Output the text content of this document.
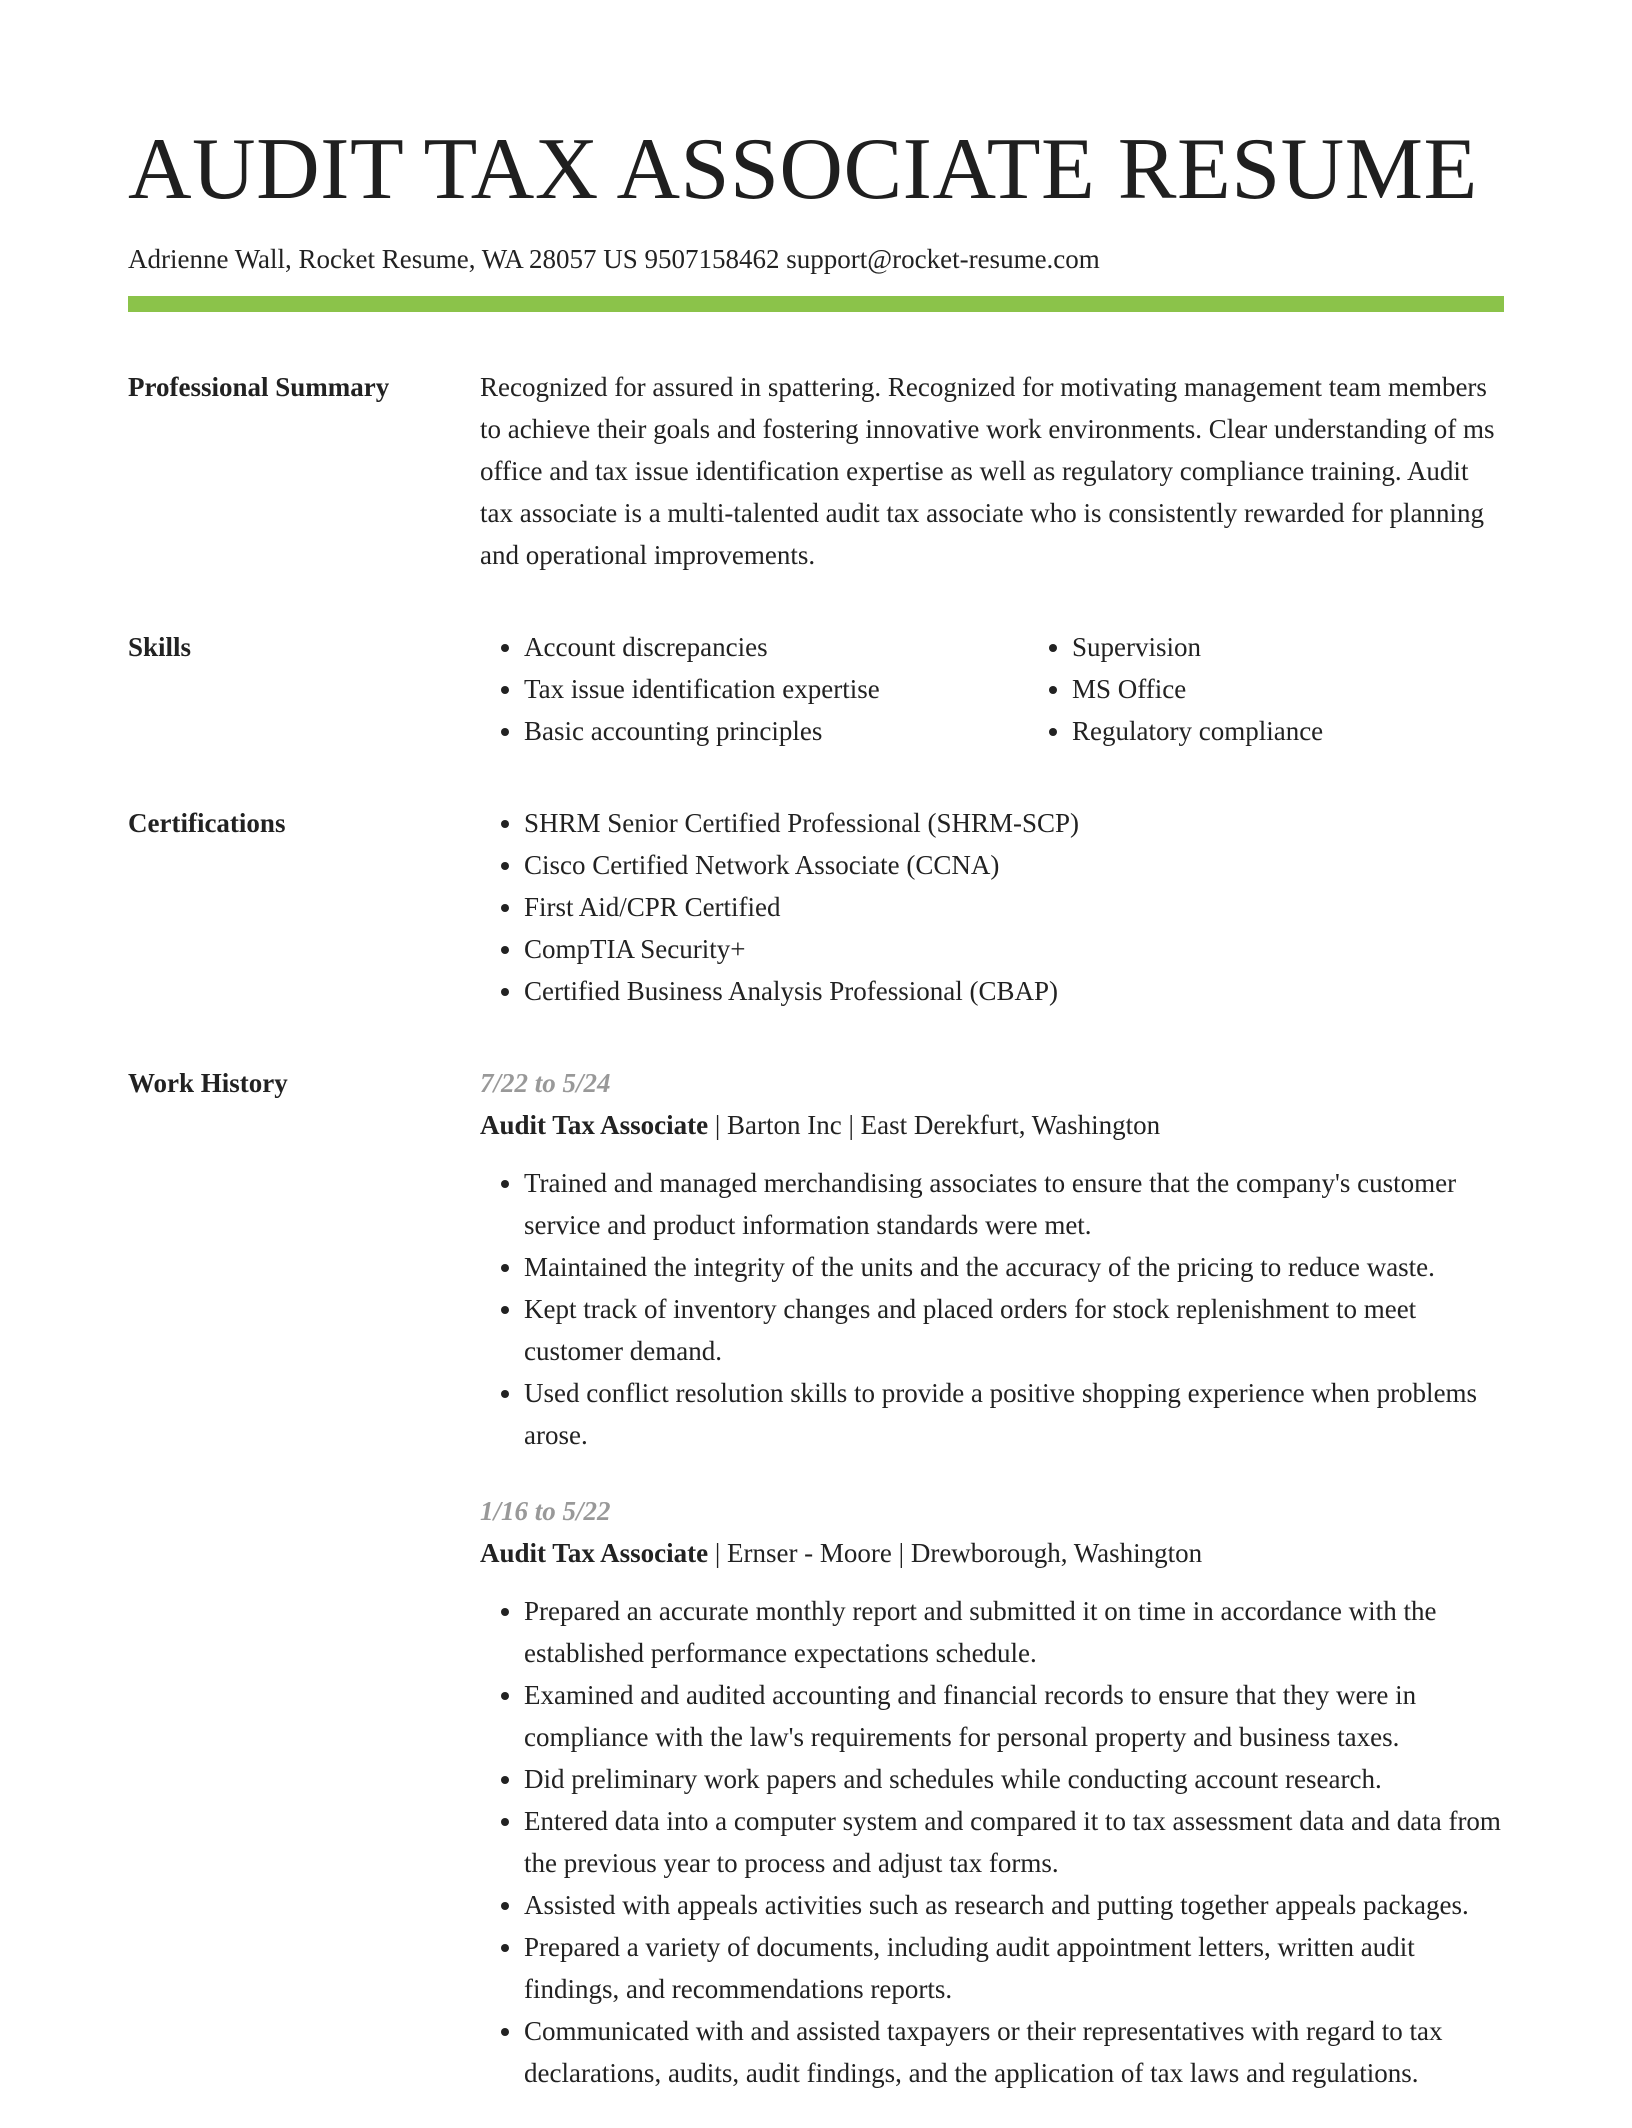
AUDIT TAX ASSOCIATE RESUME
Adrienne Wall, Rocket Resume, WA 28057 US 9507158462 support@rocket-resume.com
Professional Summary	Recognized for assured in spattering. Recognized for motivating management team members to achieve their goals and fostering innovative work environments. Clear understanding of ms office and tax issue identification expertise as well as regulatory compliance training. Audit tax associate is a multi-talented audit tax associate who is consistently rewarded for planning and operational improvements.

Skills	• Account discrepancies
• Tax issue identification expertise
• Basic accounting principles
• Supervision
• MS Office
• Regulatory compliance
Certifications	• SHRM Senior Certified Professional (SHRM-SCP)
• Cisco Certified Network Associate (CCNA)
• First Aid/CPR Certified
• CompTIA Security+
• Certified Business Analysis Professional (CBAP)
Work History	7/22 to 5/24
Audit Tax Associate | Barton Inc | East Derekfurt, Washington
• Trained and managed merchandising associates to ensure that the company's customer service and product information standards were met.
• Maintained the integrity of the units and the accuracy of the pricing to reduce waste.
• Kept track of inventory changes and placed orders for stock replenishment to meet customer demand.
• Used conflict resolution skills to provide a positive shopping experience when problems arose.
1/16 to 5/22
Audit Tax Associate | Ernser - Moore | Drewborough, Washington
• Prepared an accurate monthly report and submitted it on time in accordance with the established performance expectations schedule.
• Examined and audited accounting and financial records to ensure that they were in compliance with the law's requirements for personal property and business taxes.
• Did preliminary work papers and schedules while conducting account research.
• Entered data into a computer system and compared it to tax assessment data and data from the previous year to process and adjust tax forms.
• Assisted with appeals activities such as research and putting together appeals packages.
• Prepared a variety of documents, including audit appointment letters, written audit findings, and recommendations reports.
• Communicated with and assisted taxpayers or their representatives with regard to tax declarations, audits, audit findings, and the application of tax laws and regulations.
